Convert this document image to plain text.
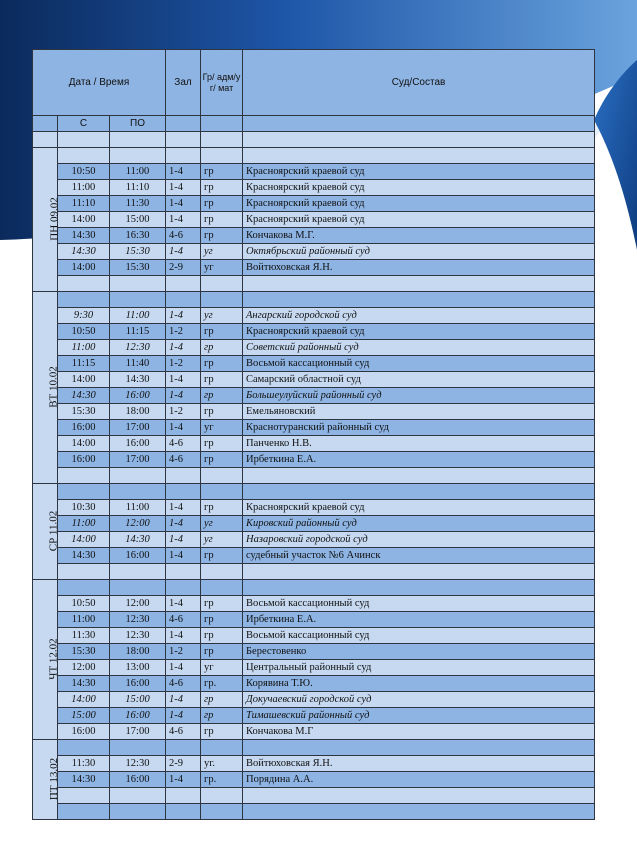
Дата / Время			Зал	Гр/ адм/у г/ мат	Суд/Состав
	С	ПО			

ПН 09.02					
	10:50	11:00	1-4	гр	Красноярский краевой суд
	11:00	11:10	1-4	гр	Красноярский краевой суд
	11:10	11:30	1-4	гр	Красноярский краевой суд
	14:00	15:00	1-4	гр	Красноярский краевой суд
	14:30	16:30	4-6	гр	Кончакова М.Г.
	14:30	15:30	1-4	уг	Октябрьский районный суд
	14:00	15:30	2-9	уг	Войтюховская Я.Н.

ВТ 10.02					
	9:30	11:00	1-4	уг	Ангарский городской суд
	10:50	11:15	1-2	гр	Красноярский краевой суд
	11:00	12:30	1-4	гр	Советский районный суд
	11:15	11:40	1-2	гр	Восьмой кассационный суд
	14:00	14:30	1-4	гр	Самарский областной суд
	14:30	16:00	1-4	гр	Большеулуйский районный суд
	15:30	18:00	1-2	гр	Емельяновский
	16:00	17:00	1-4	уг	Краснотуранский районный суд
	14:00	16:00	4-6	гр	Панченко Н.В.
	16:00	17:00	4-6	гр	Ирбеткина Е.А.

СР 11.02					
	10:30	11:00	1-4	гр	Красноярский краевой суд
	11:00	12:00	1-4	уг	Кировский районный суд
	14:00	14:30	1-4	уг	Назаровский городской суд
	14:30	16:00	1-4	гр	судебный участок №6 Ачинск

ЧТ 12.02					
	10:50	12:00	1-4	гр	Восьмой кассационный суд
	11:00	12:30	4-6	гр	Ирбеткина Е.А.
	11:30	12:30	1-4	гр	Восьмой кассационный суд
	15:30	18:00	1-2	гр	Берестовенко
	12:00	13:00	1-4	уг	Центральный районный суд
	14:30	16:00	4-6	гр.	Корявина Т.Ю.
	14:00	15:00	1-4	гр	Докучаевский городской суд
	15:00	16:00	1-4	гр	Тимашевский районный суд
	16:00	17:00	4-6	гр	Кончакова М.Г
ПТ 13.02					
	11:30	12:30	2-9	уг.	Войтюховская Я.Н.
	14:30	16:00	1-4	гр.	Порядина А.А.
